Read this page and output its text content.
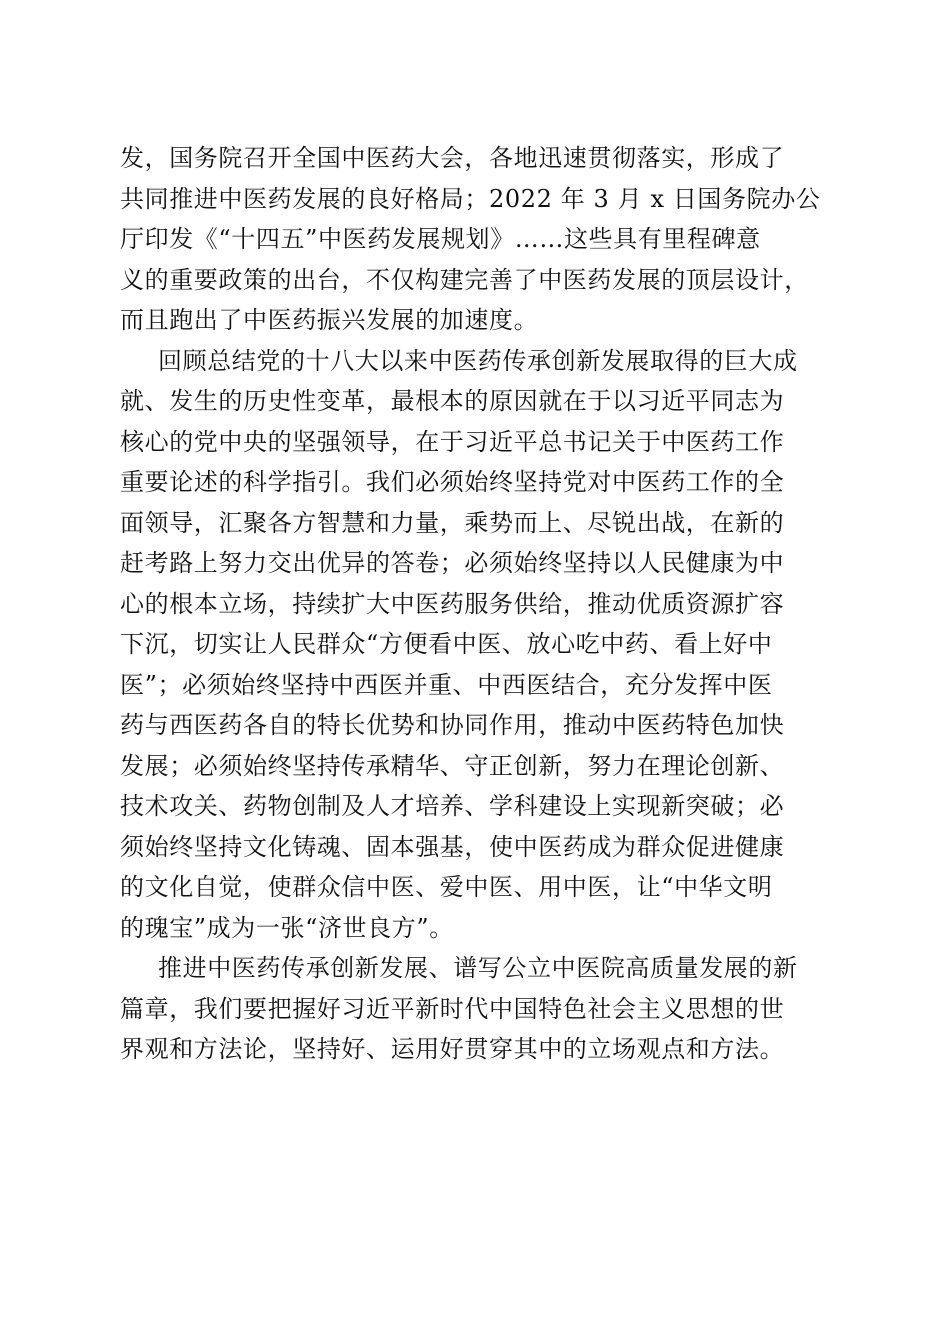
发，国务院召开全国中医药大会，各地迅速贯彻落实，形成了
共同推进中医药发展的良好格局；2022 年 3 月 x 日国务院办公
厅印发《“十四五”中医药发展规划》……这些具有里程碑意
义的重要政策的出台，不仅构建完善了中医药发展的顶层设计，
而且跑出了中医药振兴发展的加速度。
回顾总结党的十八大以来中医药传承创新发展取得的巨大成
就、发生的历史性变革，最根本的原因就在于以习近平同志为
核心的党中央的坚强领导，在于习近平总书记关于中医药工作
重要论述的科学指引。我们必须始终坚持党对中医药工作的全
面领导，汇聚各方智慧和力量，乘势而上、尽锐出战，在新的
赶考路上努力交出优异的答卷；必须始终坚持以人民健康为中
心的根本立场，持续扩大中医药服务供给，推动优质资源扩容
下沉，切实让人民群众“方便看中医、放心吃中药、看上好中
医”；必须始终坚持中西医并重、中西医结合，充分发挥中医
药与西医药各自的特长优势和协同作用，推动中医药特色加快
发展；必须始终坚持传承精华、守正创新，努力在理论创新、
技术攻关、药物创制及人才培养、学科建设上实现新突破；必
须始终坚持文化铸魂、固本强基，使中医药成为群众促进健康
的文化自觉，使群众信中医、爱中医、用中医，让“中华文明
的瑰宝”成为一张“济世良方”。
推进中医药传承创新发展、谱写公立中医院高质量发展的新
篇章，我们要把握好习近平新时代中国特色社会主义思想的世
界观和方法论，坚持好、运用好贯穿其中的立场观点和方法。
